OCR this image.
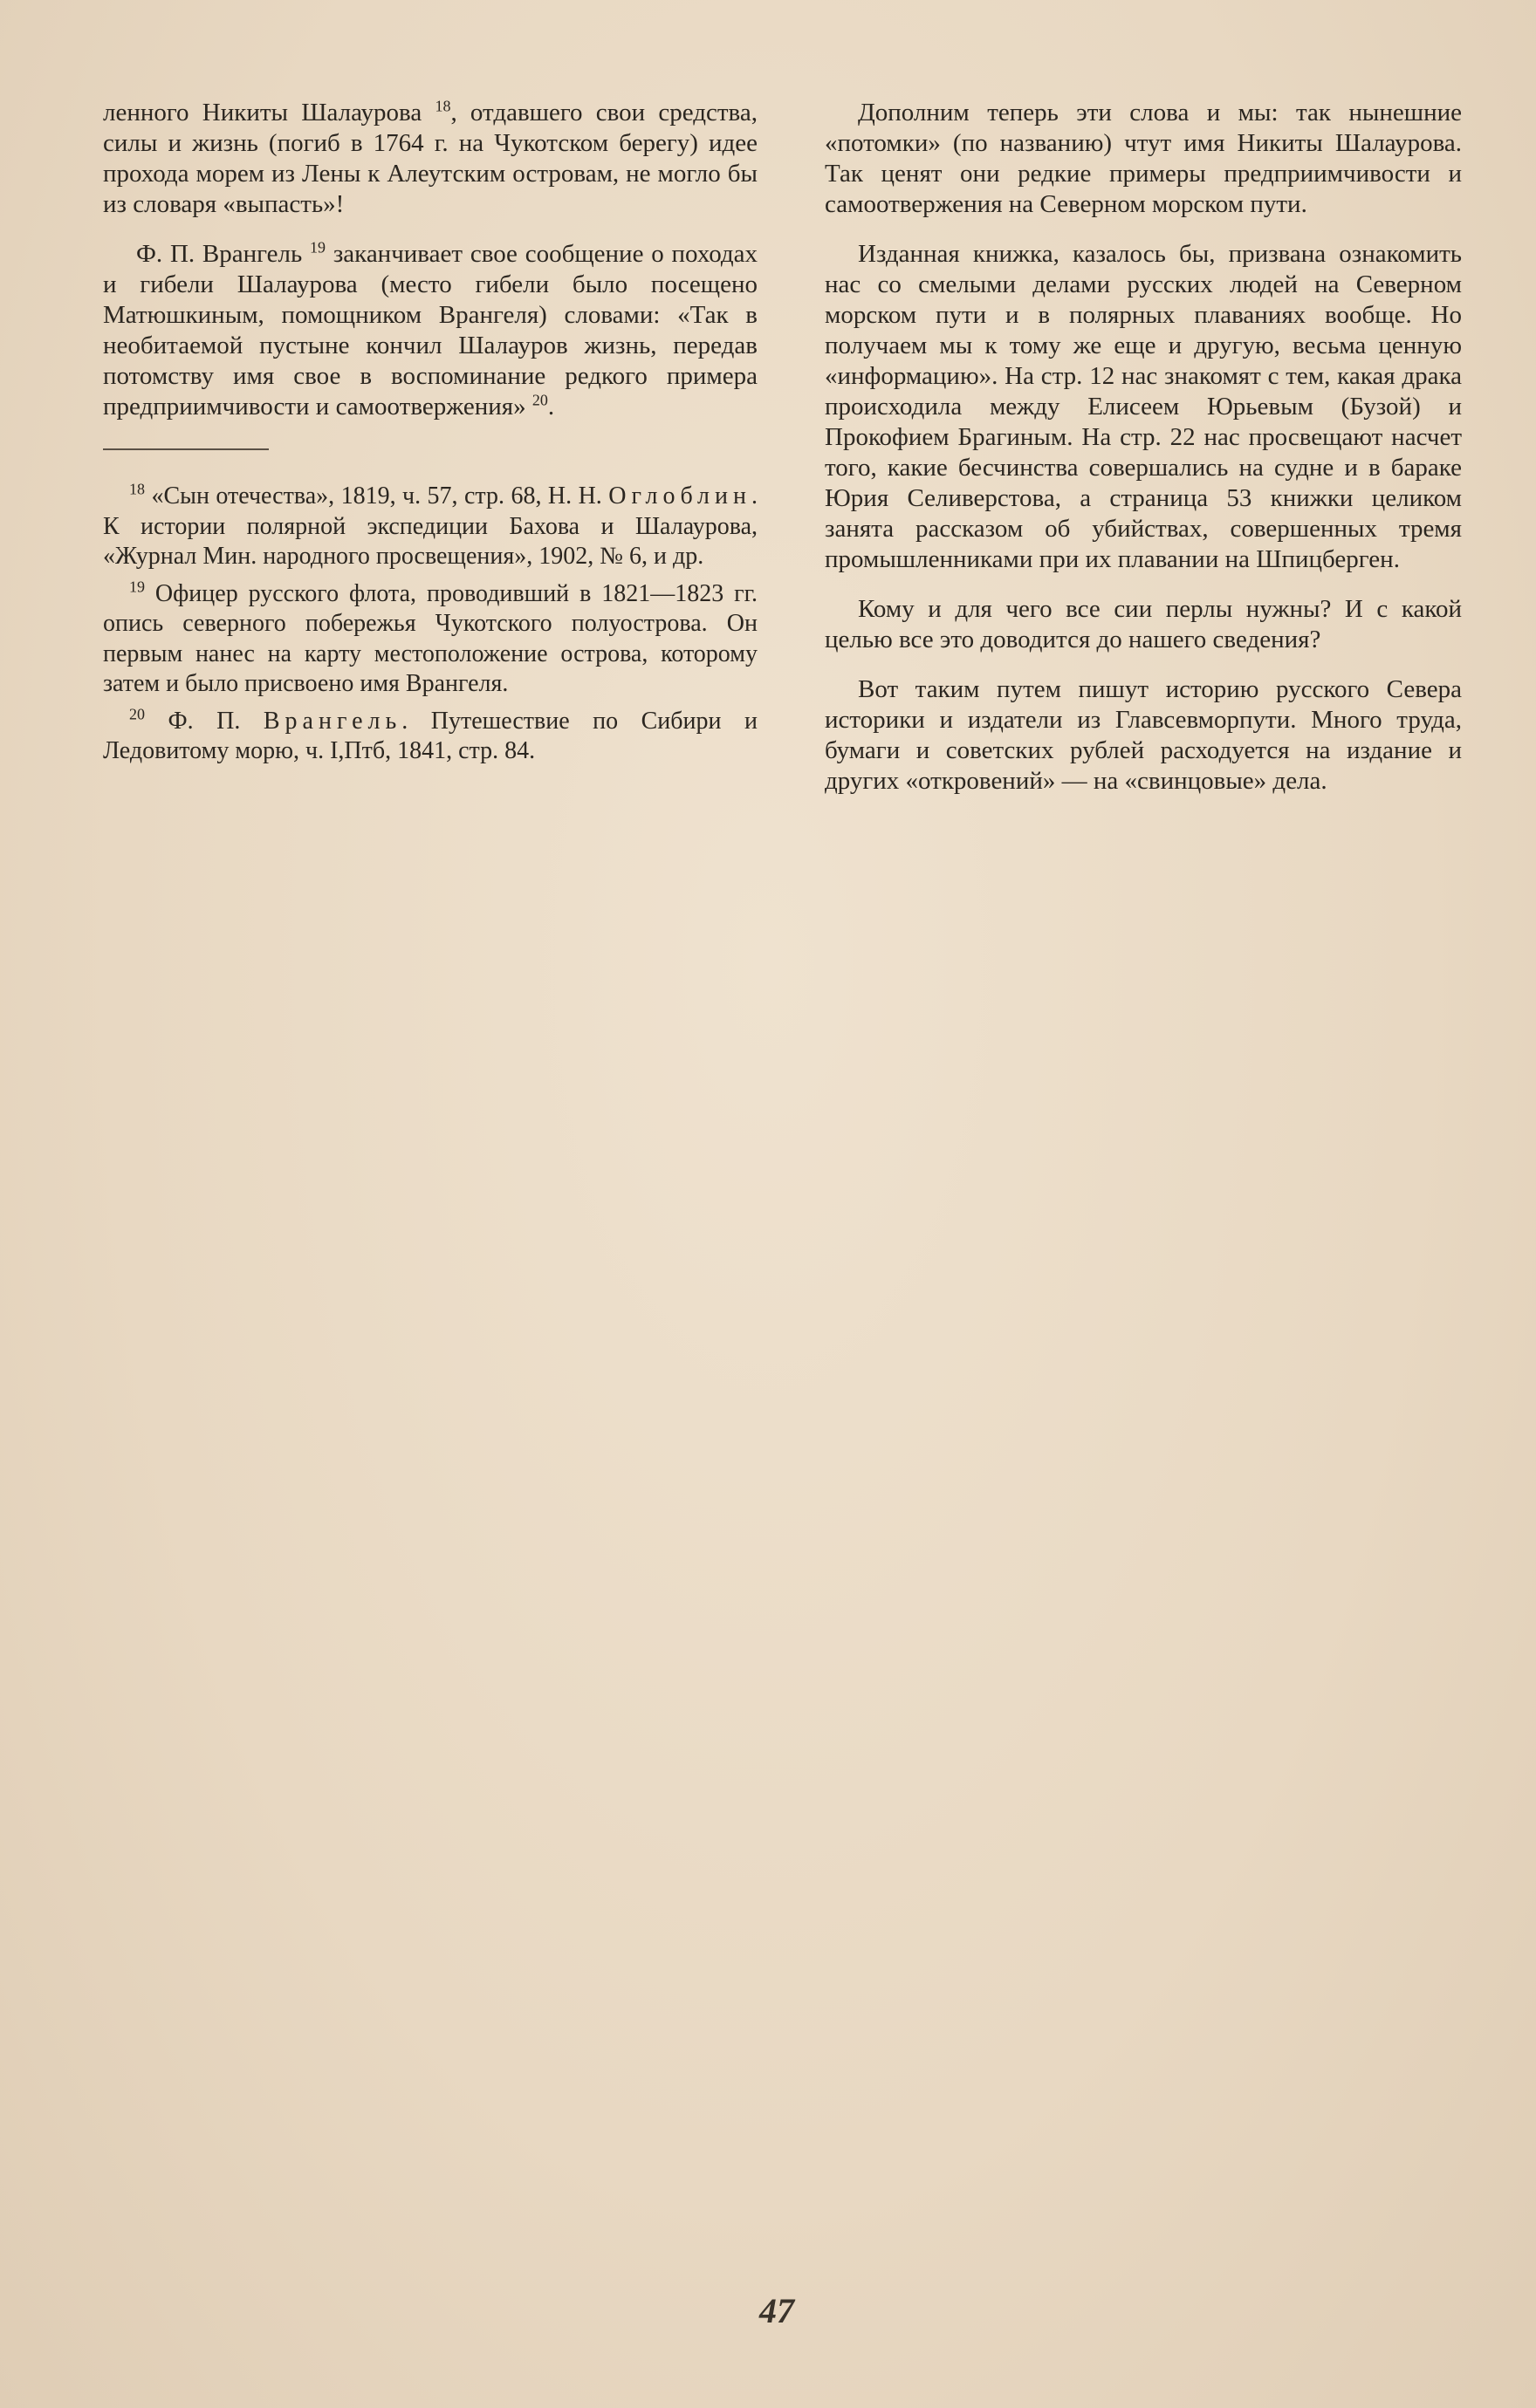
ленного Никиты Шалаурова $^{18}$, отдавшего свои средства, силы и жизнь (погиб в 1764 г. на Чукотском берегу) идее прохода морем из Лены к Алеутским островам, не могло бы из словаря «выпасть»!

Ф. П. Врангель $^{19}$ заканчивает свое сообщение о походах и гибели Шалаурова (место гибели было посещено Матюшкиным, помощником Врангеля) словами: «Так в необитаемой пустыне кончил Шалауров жизнь, передав потомству имя свое в воспоминание редкого примера предприимчивости и самоотвержения» $^{20}$.

$^{18}$ «Сын отечества», 1819, ч. 57, стр. 68, Н. Н. Оглоблин. К истории полярной экспедиции Бахова и Шалаурова, «Журнал Мин. народного просвещения», 1902, № 6, и др.

$^{19}$ Офицер русского флота, проводивший в 1821—1823 гг. опись северного побережья Чукотского полуострова. Он первым нанес на карту местоположение острова, которому затем и было присвоено имя Врангеля.

$^{20}$ Ф. П. Врангель. Путешествие по Сибири и Ледовитому морю, ч. I,Птб, 1841, стр. 84.

Дополним теперь эти слова и мы: так нынешние «потомки» (по названию) чтут имя Никиты Шалаурова. Так ценят они редкие примеры предприимчивости и самоотвержения на Северном морском пути.

Изданная книжка, казалось бы, призвана ознакомить нас со смелыми делами русских людей на Северном морском пути и в полярных плаваниях вообще. Но получаем мы к тому же еще и другую, весьма ценную «информацию». На стр. 12 нас знакомят с тем, какая драка происходила между Елисеем Юрьевым (Бузой) и Прокофием Брагиным. На стр. 22 нас просвещают насчет того, какие бесчинства совершались на судне и в бараке Юрия Селиверстова, а страница 53 книжки целиком занята рассказом об убийствах, совершенных тремя промышленниками при их плавании на Шпицберген.

Кому и для чего все сии перлы нужны? И с какой целью все это доводится до нашего сведения?

Вот таким путем пишут историю русского Севера историки и издатели из Главсевморпути. Много труда, бумаги и советских рублей расходуется на издание и других «откровений» — на «свинцовые» дела.

47
